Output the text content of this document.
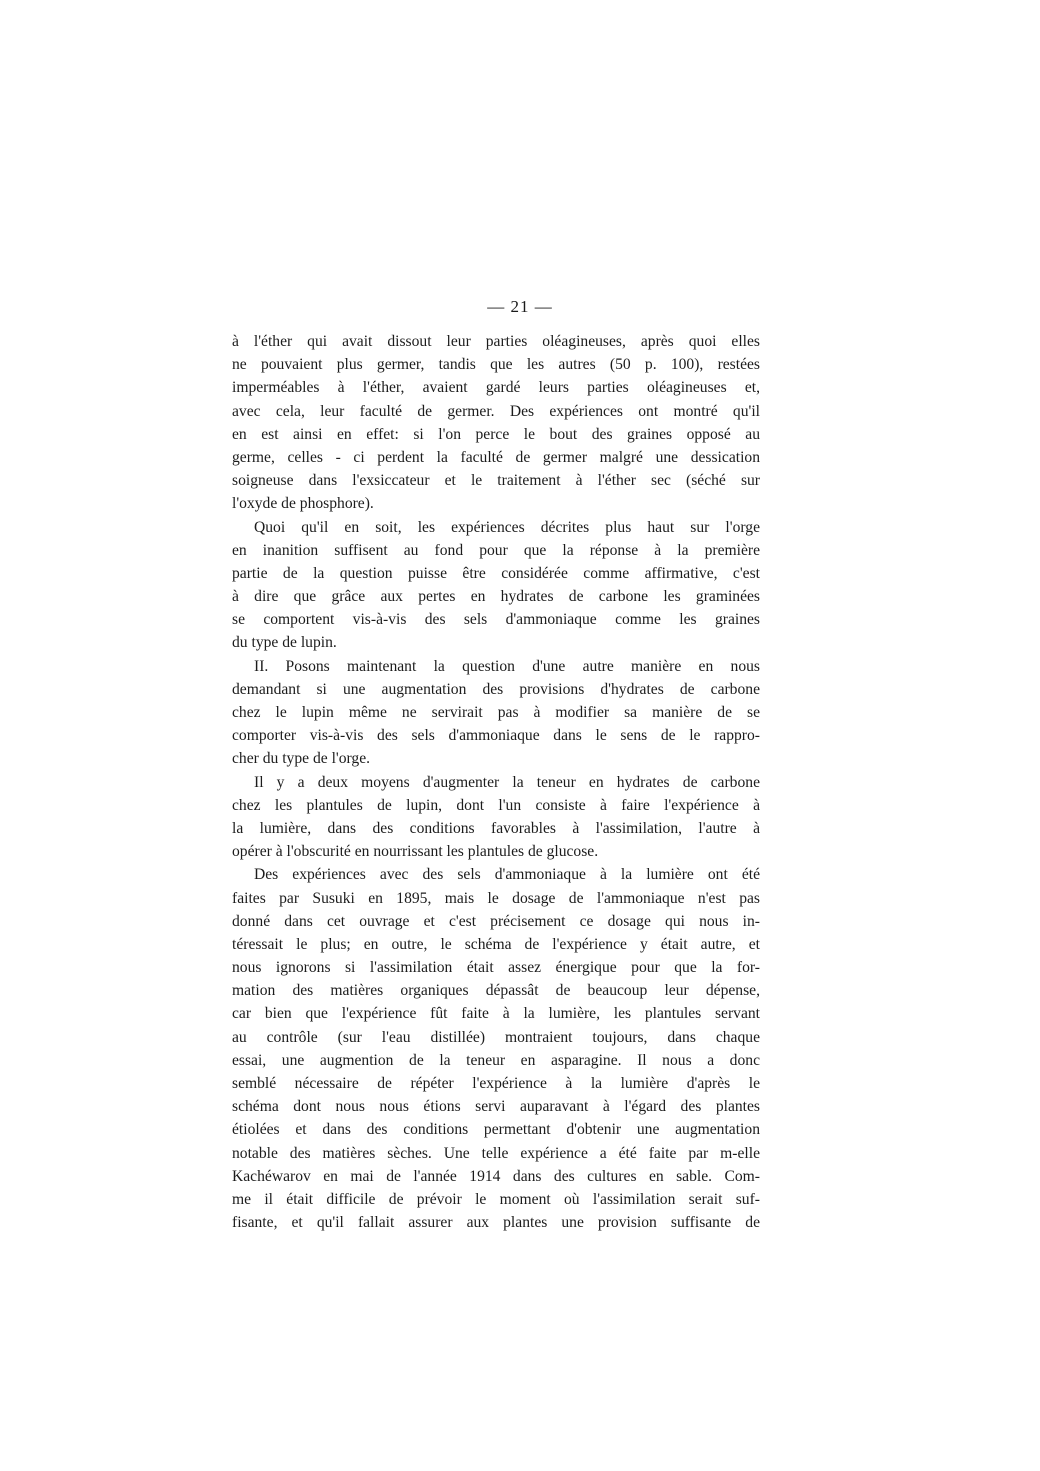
— 21 —
à l'éther qui avait dissout leur parties oléagineuses, après quoi elles
ne pouvaient plus germer, tandis que les autres (50 p. 100), restées
imperméables à l'éther, avaient gardé leurs parties oléagineuses et,
avec cela, leur faculté de germer. Des expériences ont montré qu'il
en est ainsi en effet: si l'on perce le bout des graines opposé au
germe, celles - ci perdent la faculté de germer malgré une dessication
soigneuse dans l'exsiccateur et le traitement à l'éther sec (séché sur
l'oxyde de phosphore).
Quoi qu'il en soit, les expériences décrites plus haut sur l'orge
en inanition suffisent au fond pour que la réponse à la première
partie de la question puisse être considérée comme affirmative, c'est
à dire que grâce aux pertes en hydrates de carbone les graminées
se comportent vis-à-vis des sels d'ammoniaque comme les graines
du type de lupin.
II. Posons maintenant la question d'une autre manière en nous
demandant si une augmentation des provisions d'hydrates de carbone
chez le lupin même ne servirait pas à modifier sa manière de se
comporter vis-à-vis des sels d'ammoniaque dans le sens de le rappro-
cher du type de l'orge.
Il y a deux moyens d'augmenter la teneur en hydrates de carbone
chez les plantules de lupin, dont l'un consiste à faire l'expérience à
la lumière, dans des conditions favorables à l'assimilation, l'autre à
opérer à l'obscurité en nourrissant les plantules de glucose.
Des expériences avec des sels d'ammoniaque à la lumière ont été
faites par Susuki en 1895, mais le dosage de l'ammoniaque n'est pas
donné dans cet ouvrage et c'est précisement ce dosage qui nous in-
téressait le plus; en outre, le schéma de l'expérience y était autre, et
nous ignorons si l'assimilation était assez énergique pour que la for-
mation des matières organiques dépassât de beaucoup leur dépense,
car bien que l'expérience fût faite à la lumière, les plantules servant
au contrôle (sur l'eau distillée) montraient toujours, dans chaque
essai, une augmention de la teneur en asparagine. Il nous a donc
semblé nécessaire de répéter l'expérience à la lumière d'après le
schéma dont nous nous étions servi auparavant à l'égard des plantes
étiolées et dans des conditions permettant d'obtenir une augmentation
notable des matières sèches. Une telle expérience a été faite par m-elle
Kachéwarov en mai de l'année 1914 dans des cultures en sable. Com-
me il était difficile de prévoir le moment où l'assimilation serait suf-
fisante, et qu'il fallait assurer aux plantes une provision suffisante de
